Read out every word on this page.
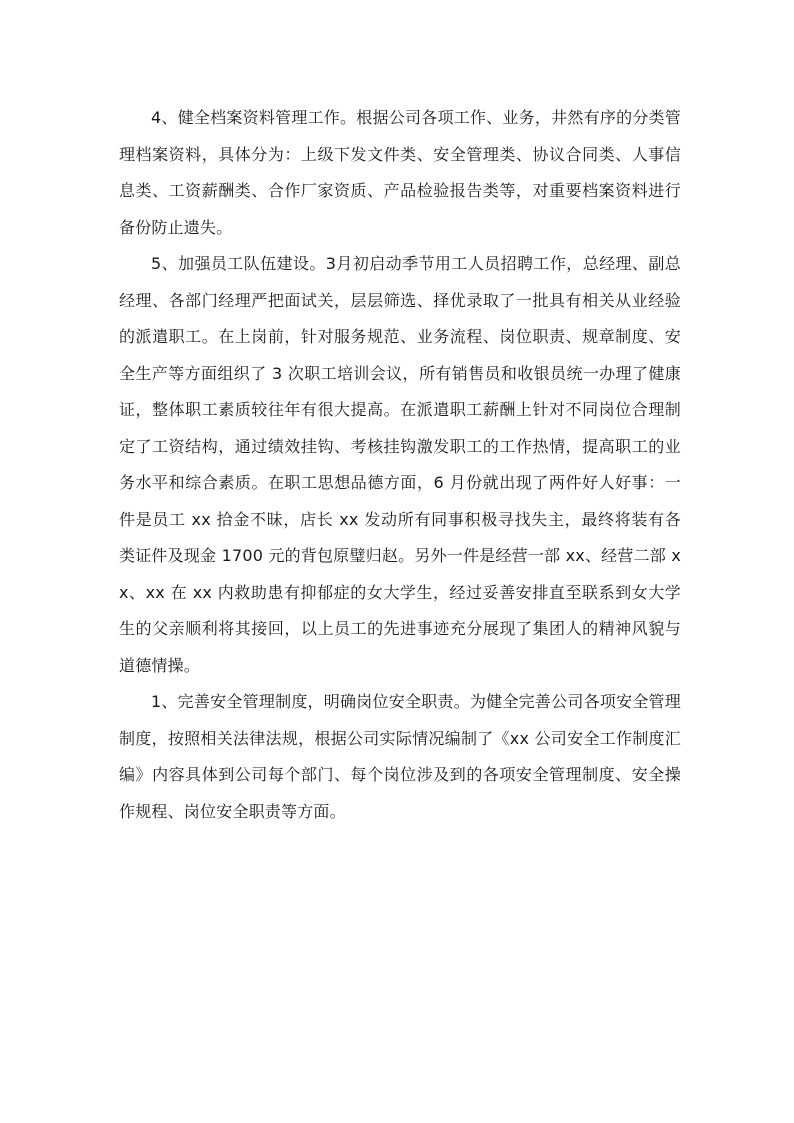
4、健全档案资料管理工作。根据公司各项工作、业务，井然有序的分类管理档案资料，具体分为：上级下发文件类、安全管理类、协议合同类、人事信息类、工资薪酬类、合作厂家资质、产品检验报告类等，对重要档案资料进行备份防止遗失。

5、加强员工队伍建设。3月初启动季节用工人员招聘工作，总经理、副总经理、各部门经理严把面试关，层层筛选、择优录取了一批具有相关从业经验的派遣职工。在上岗前，针对服务规范、业务流程、岗位职责、规章制度、安全生产等方面组织了 3 次职工培训会议，所有销售员和收银员统一办理了健康证，整体职工素质较往年有很大提高。在派遣职工薪酬上针对不同岗位合理制定了工资结构，通过绩效挂钩、考核挂钩激发职工的工作热情，提高职工的业务水平和综合素质。在职工思想品德方面，6 月份就出现了两件好人好事：一件是员工 xx 拾金不昧，店长 xx 发动所有同事积极寻找失主，最终将装有各类证件及现金 1700 元的背包原璧归赵。另外一件是经营一部 xx、经营二部 xx、xx 在 xx 内救助患有抑郁症的女大学生，经过妥善安排直至联系到女大学生的父亲顺利将其接回，以上员工的先进事迹充分展现了集团人的精神风貌与道德情操。

1、完善安全管理制度，明确岗位安全职责。为健全完善公司各项安全管理制度，按照相关法律法规，根据公司实际情况编制了《xx 公司安全工作制度汇编》内容具体到公司每个部门、每个岗位涉及到的各项安全管理制度、安全操作规程、岗位安全职责等方面。
